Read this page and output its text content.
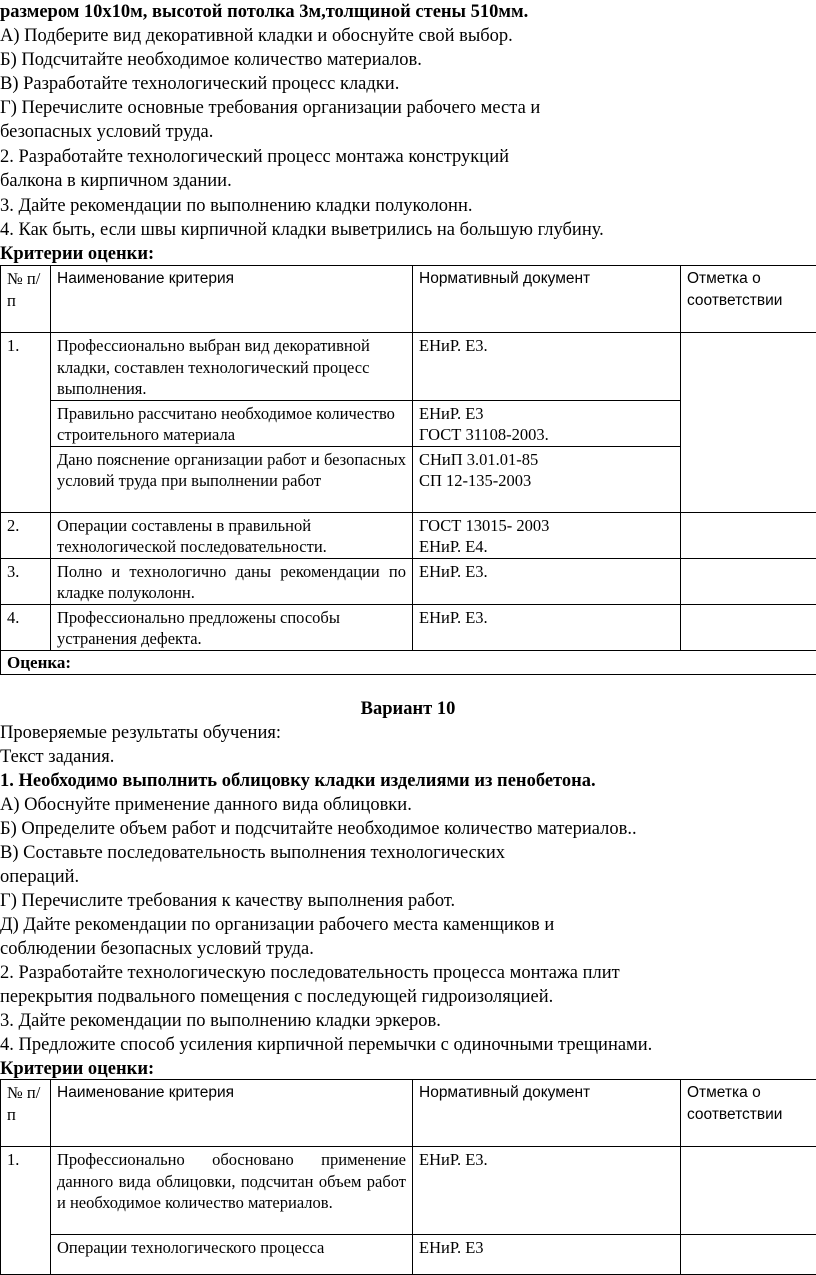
размером 10х10м, высотой потолка 3м,толщиной стены 510мм.
А) Подберите вид декоративной кладки и обоснуйте свой выбор.
Б) Подсчитайте необходимое количество материалов.
В) Разработайте технологический процесс кладки.
Г) Перечислите основные требования организации рабочего места и
безопасных условий труда.
2. Разработайте технологический процесс монтажа конструкций
балкона в кирпичном здании.
3. Дайте рекомендации по выполнению кладки полуколонн.
4. Как быть, если швы кирпичной кладки выветрились на большую глубину.
Критерии оценки:
№ п/п	Наименование критерия	Нормативный документ	Отметка о соответствии
1.	Профессионально выбран вид декоративной кладки, составлен технологический процесс выполнения.	ЕНиР. Е3.	
	Правильно рассчитано необходимое количество строительного материала	ЕНиР. Е3
ГОСТ 31108-2003.	

	Дано пояснение организации работ и безопасных условий труда при выполнении работ	СНиП 3.01.01-85
СП 12-135-2003	

2.	Операции составлены в правильной технологической последовательности.	ГОСТ 13015- 2003
ЕНиР. Е4.	

3.	Полно и технологично даны рекомендации по кладке полуколонн.	ЕНиР. Е3.	
4.	Профессионально предложены способы устранения дефекта.	ЕНиР. Е3.	
Оценка:			
Вариант 10
Проверяемые результаты обучения:
Текст задания.
1. Необходимо выполнить облицовку кладки изделиями из пенобетона.
А) Обоснуйте применение данного вида облицовки.
Б) Определите объем работ и подсчитайте необходимое количество материалов..
В) Составьте последовательность выполнения технологических
операций.
Г) Перечислите требования к качеству выполнения работ.
Д) Дайте рекомендации по организации рабочего места каменщиков и
соблюдении безопасных условий труда.
2. Разработайте технологическую последовательность процесса монтажа плит
перекрытия подвального помещения с последующей гидроизоляцией.
3. Дайте рекомендации по выполнению кладки эркеров.
4. Предложите способ усиления кирпичной перемычки с одиночными трещинами.
Критерии оценки:
№ п/п	Наименование критерия	Нормативный документ	Отметка о соответствии
1.	Профессионально обосновано применение данного вида облицовки, подсчитан объем работ и необходимое количество материалов.	ЕНиР. Е3.	
	Операции технологического процесса	ЕНиР. Е3	
